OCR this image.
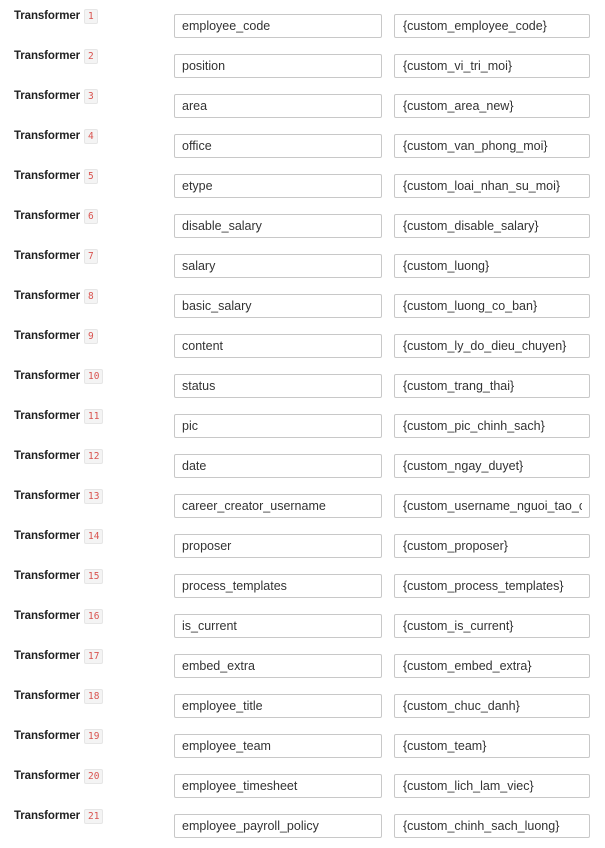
Transformer 1
employee_code
{custom_employee_code}
Transformer 2
position
{custom_vi_tri_moi}
Transformer 3
area
{custom_area_new}
Transformer 4
office
{custom_van_phong_moi}
Transformer 5
etype
{custom_loai_nhan_su_moi}
Transformer 6
disable_salary
{custom_disable_salary}
Transformer 7
salary
{custom_luong}
Transformer 8
basic_salary
{custom_luong_co_ban}
Transformer 9
content
{custom_ly_do_dieu_chuyen}
Transformer 10
status
{custom_trang_thai}
Transformer 11
pic
{custom_pic_chinh_sach}
Transformer 12
date
{custom_ngay_duyet}
Transformer 13
career_creator_username
{custom_username_nguoi_tao_chi
Transformer 14
proposer
{custom_proposer}
Transformer 15
process_templates
{custom_process_templates}
Transformer 16
is_current
{custom_is_current}
Transformer 17
embed_extra
{custom_embed_extra}
Transformer 18
employee_title
{custom_chuc_danh}
Transformer 19
employee_team
{custom_team}
Transformer 20
employee_timesheet
{custom_lich_lam_viec}
Transformer 21
employee_payroll_policy
{custom_chinh_sach_luong}
